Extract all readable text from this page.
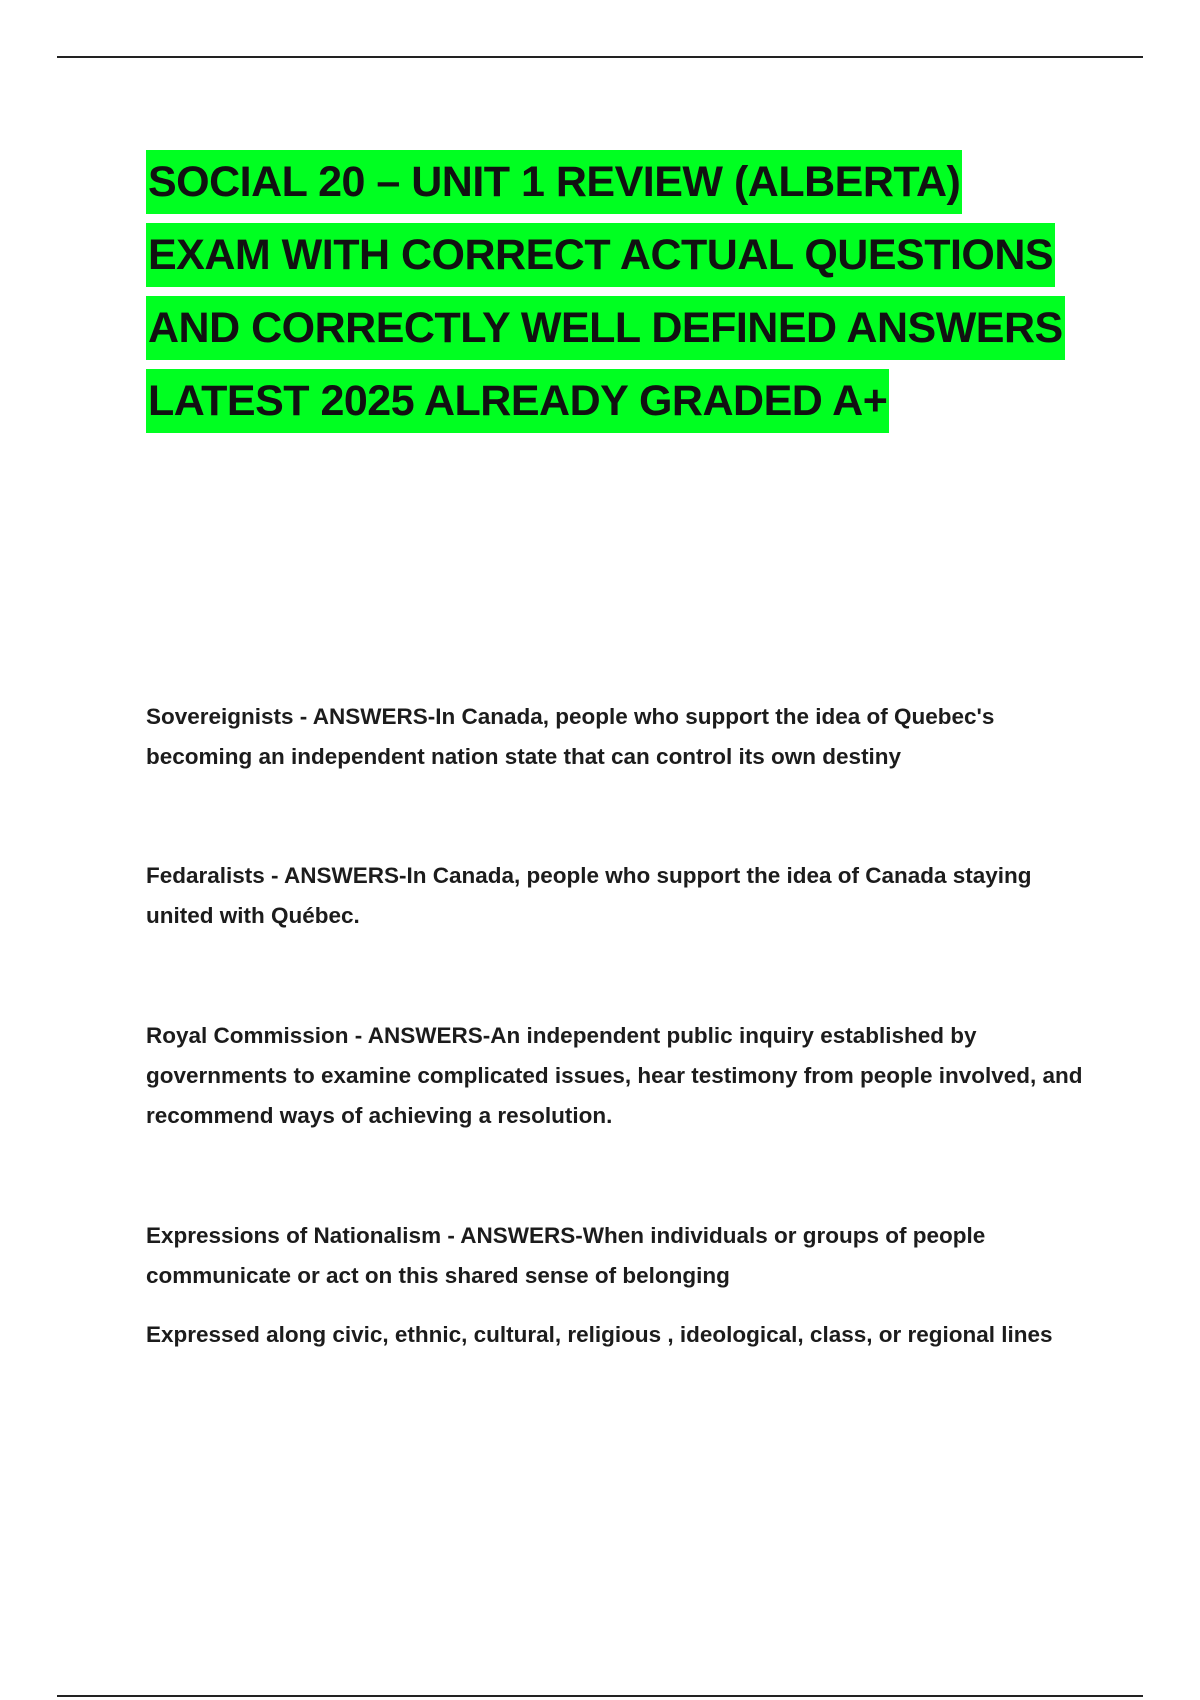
SOCIAL 20 – UNIT 1 REVIEW (ALBERTA)
EXAM WITH CORRECT ACTUAL QUESTIONS
AND CORRECTLY WELL DEFINED ANSWERS
LATEST 2025 ALREADY GRADED A+

Sovereignists - ANSWERS-In Canada, people who support the idea of Quebec's becoming an independent nation state that can control its own destiny

Fedaralists - ANSWERS-In Canada, people who support the idea of Canada staying united with Québec.

Royal Commission - ANSWERS-An independent public inquiry established by governments to examine complicated issues, hear testimony from people involved, and recommend ways of achieving a resolution.

Expressions of Nationalism - ANSWERS-When individuals or groups of people communicate or act on this shared sense of belonging

Expressed along civic, ethnic, cultural, religious , ideological, class, or regional lines
